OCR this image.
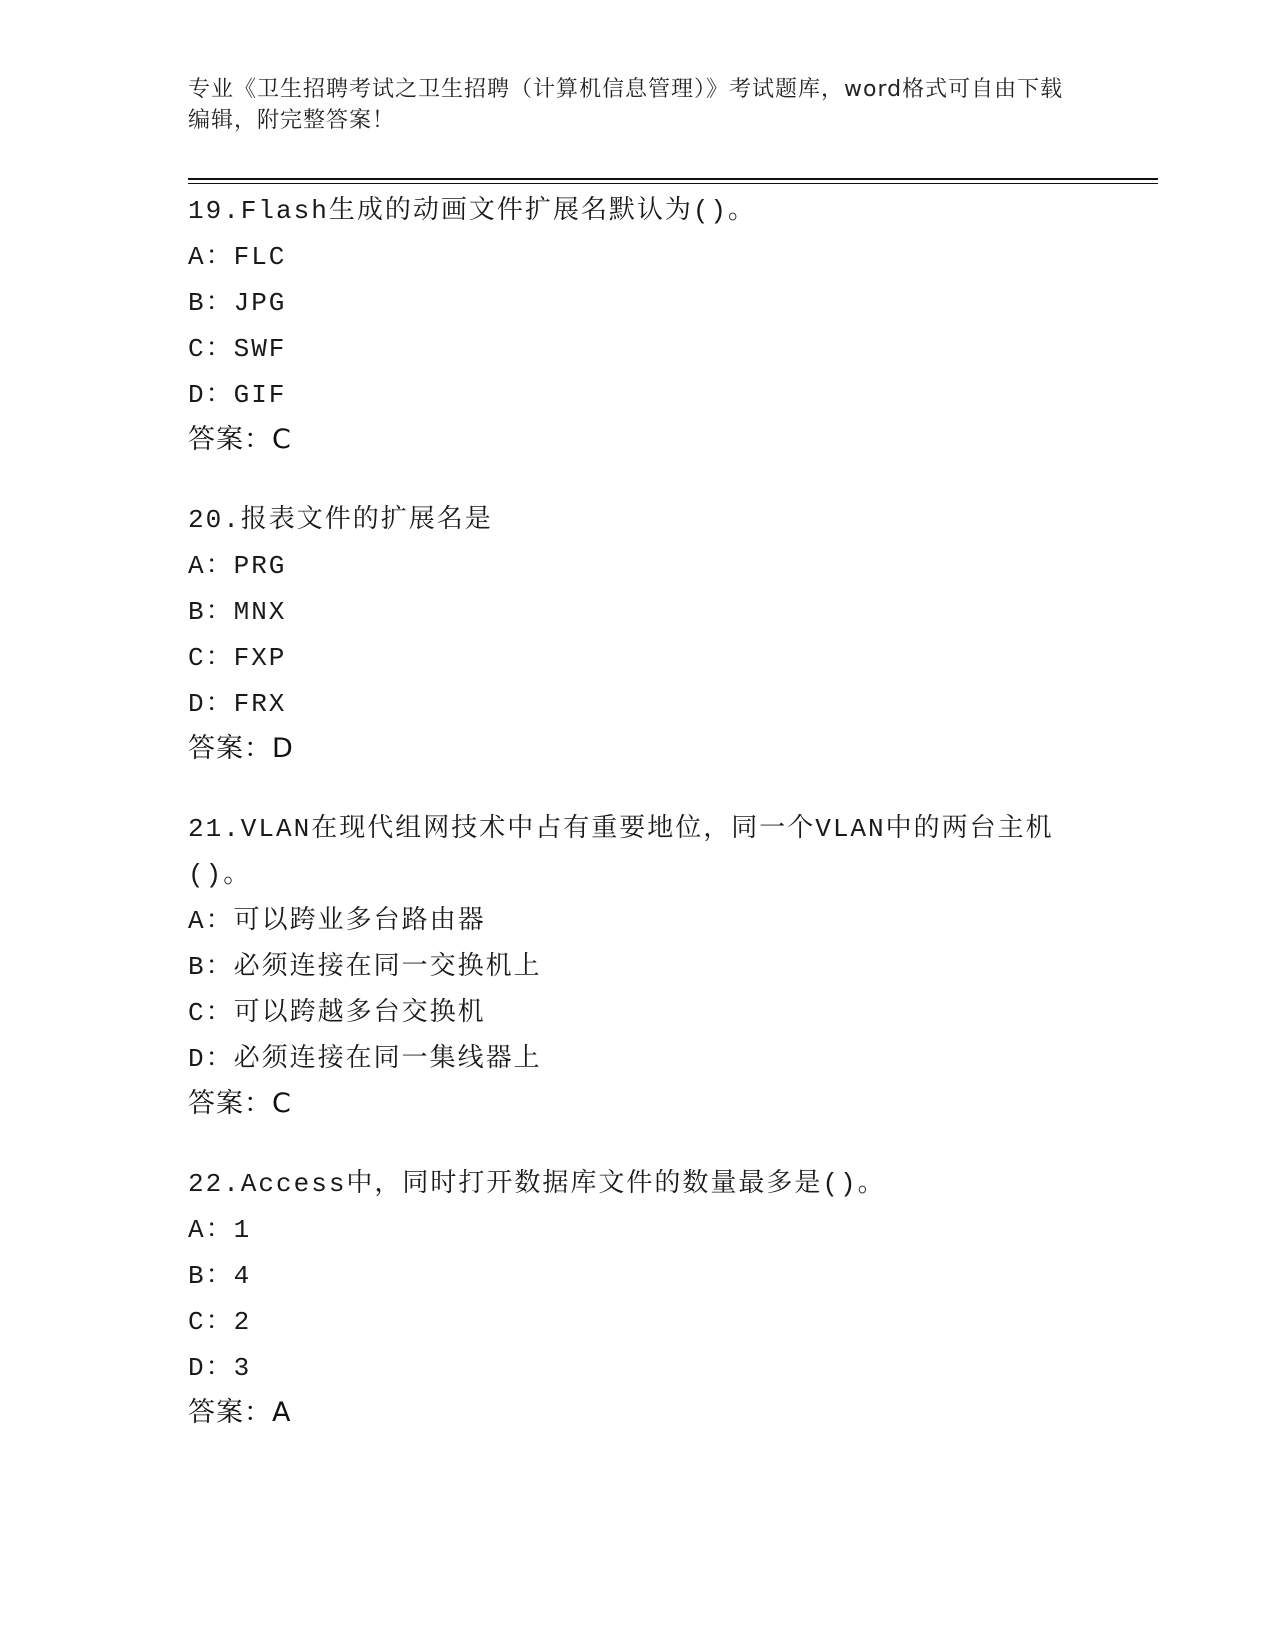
专业《卫生招聘考试之卫生招聘（计算机信息管理）》考试题库，word格式可自由下载编辑，附完整答案！
19.Flash生成的动画文件扩展名默认为()。
A：FLC
B：JPG
C：SWF
D：GIF
答案：C
20.报表文件的扩展名是
A：PRG
B：MNX
C：FXP
D：FRX
答案：D
21.VLAN在现代组网技术中占有重要地位，同一个VLAN中的两台主机()。
A：可以跨业多台路由器
B：必须连接在同一交换机上
C：可以跨越多台交换机
D：必须连接在同一集线器上
答案：C
22.Access中，同时打开数据库文件的数量最多是()。
A：1
B：4
C：2
D：3
答案：A
